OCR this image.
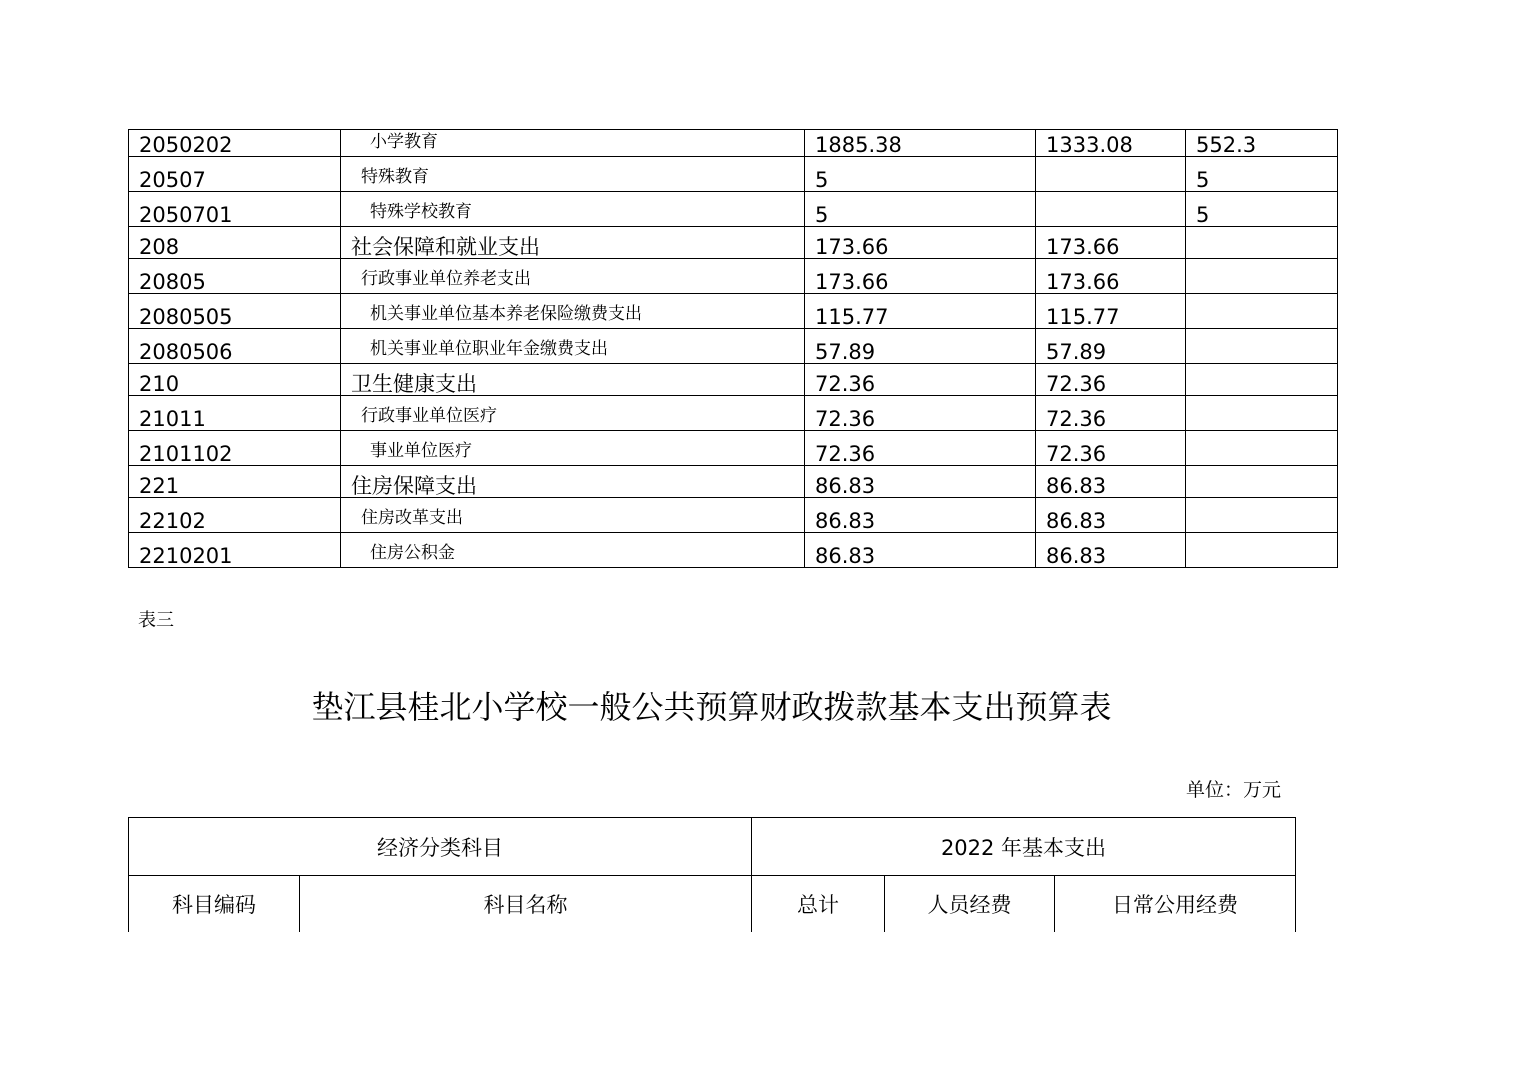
2050202	小学教育	1885.38	1333.08	552.3
20507	特殊教育	5		5
2050701	特殊学校教育	5		5
208	社会保障和就业支出	173.66	173.66	
20805	行政事业单位养老支出	173.66	173.66	
2080505	机关事业单位基本养老保险缴费支出	115.77	115.77	
2080506	机关事业单位职业年金缴费支出	57.89	57.89	
210	卫生健康支出	72.36	72.36	
21011	行政事业单位医疗	72.36	72.36	
2101102	事业单位医疗	72.36	72.36	
221	住房保障支出	86.83	86.83	
22102	住房改革支出	86.83	86.83	
2210201	住房公积金	86.83	86.83	
表三
垫江县桂北小学校一般公共预算财政拨款基本支出预算表
单位：万元
经济分类科目		2022 年基本支出		
科目编码	科目名称	总计	人员经费	日常公用经费
